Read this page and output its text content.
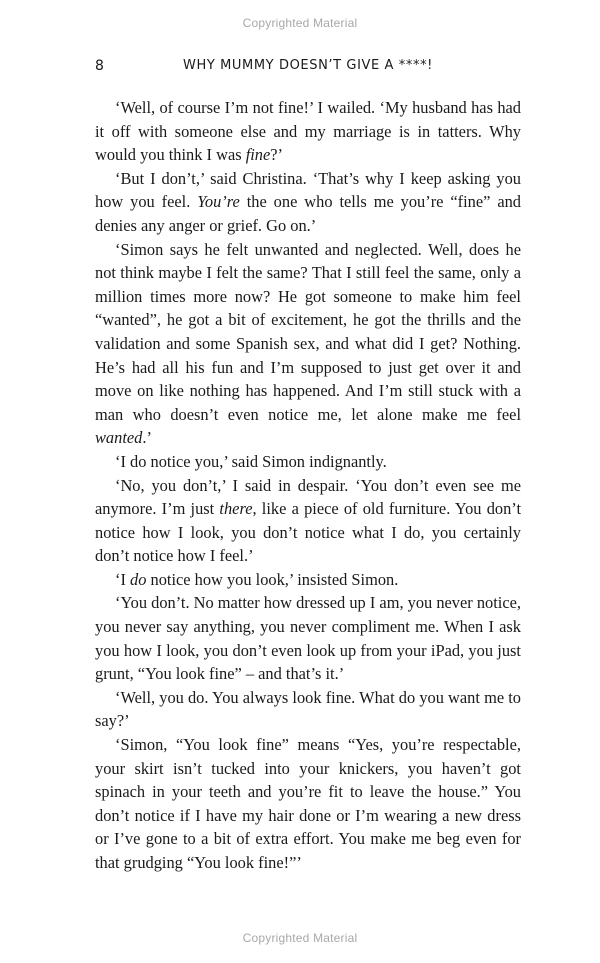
Copyrighted Material
8	WHY MUMMY DOESN’T GIVE A ****!

‘Well, of course I’m not fine!’ I wailed. ‘My husband has had it off with someone else and my marriage is in tatters. Why would you think I was fine?’

‘But I don’t,’ said Christina. ‘That’s why I keep asking you how you feel. You’re the one who tells me you’re “fine” and denies any anger or grief. Go on.’

‘Simon says he felt unwanted and neglected. Well, does he not think maybe I felt the same? That I still feel the same, only a million times more now? He got someone to make him feel “wanted”, he got a bit of excitement, he got the thrills and the validation and some Spanish sex, and what did I get? Nothing. He’s had all his fun and I’m supposed to just get over it and move on like nothing has happened. And I’m still stuck with a man who doesn’t even notice me, let alone make me feel wanted.’

‘I do notice you,’ said Simon indignantly.

‘No, you don’t,’ I said in despair. ‘You don’t even see me anymore. I’m just there, like a piece of old furniture. You don’t notice how I look, you don’t notice what I do, you certainly don’t notice how I feel.’

‘I do notice how you look,’ insisted Simon.

‘You don’t. No matter how dressed up I am, you never notice, you never say anything, you never compliment me. When I ask you how I look, you don’t even look up from your iPad, you just grunt, “You look fine” – and that’s it.’

‘Well, you do. You always look fine. What do you want me to say?’

‘Simon, “You look fine” means “Yes, you’re respectable, your skirt isn’t tucked into your knickers, you haven’t got spinach in your teeth and you’re fit to leave the house.” You don’t notice if I have my hair done or I’m wearing a new dress or I’ve gone to a bit of extra effort. You make me beg even for that grudging “You look fine!”’

Copyrighted Material
